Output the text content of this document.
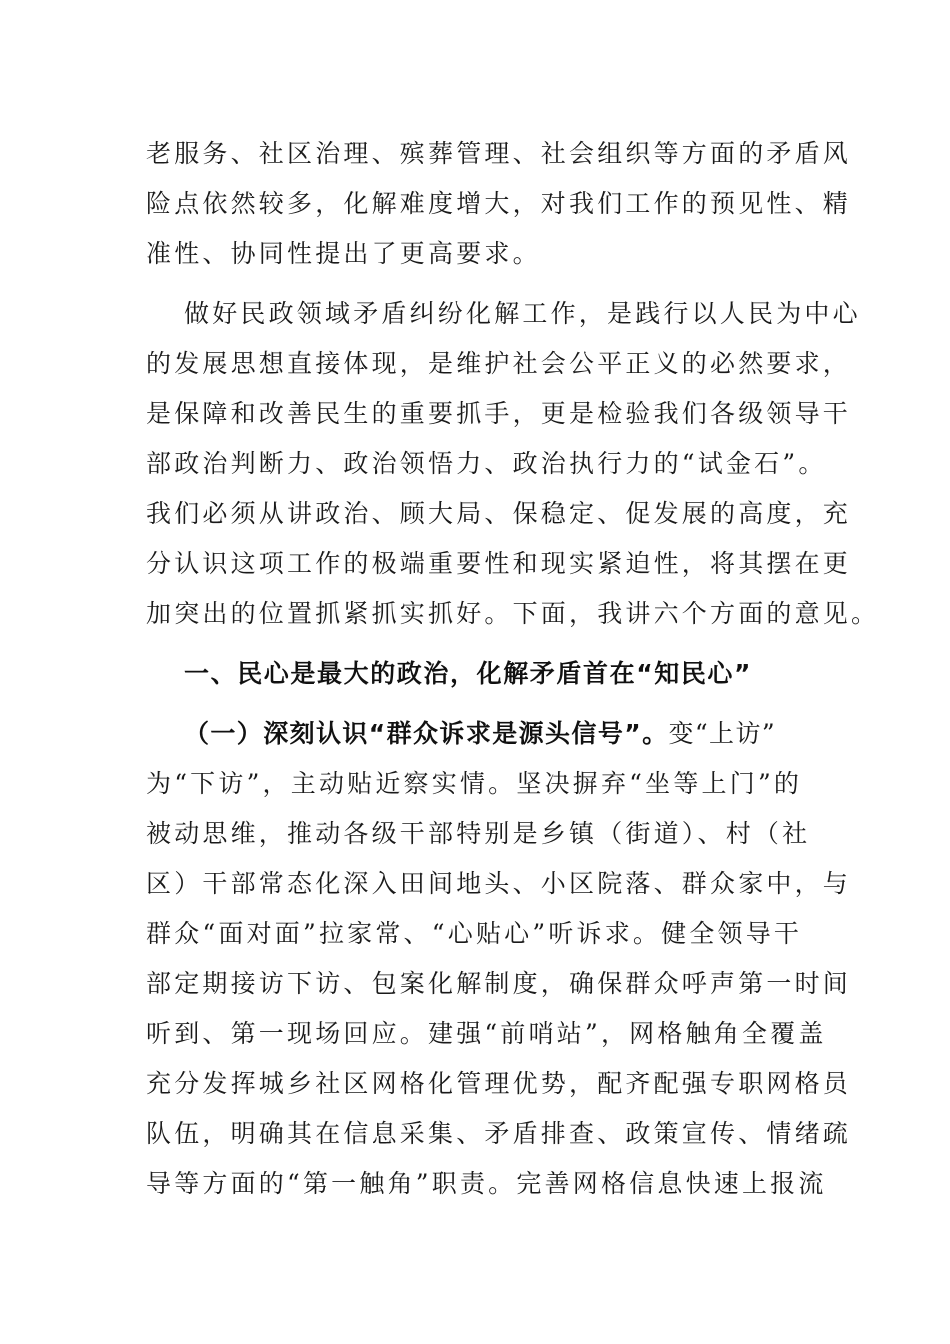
老服务、社区治理、殡葬管理、社会组织等方面的矛盾风
险点依然较多，化解难度增大，对我们工作的预见性、精
准性、协同性提出了更高要求。
做好民政领域矛盾纠纷化解工作，是践行以人民为中心
的发展思想直接体现，是维护社会公平正义的必然要求，
是保障和改善民生的重要抓手，更是检验我们各级领导干
部政治判断力、政治领悟力、政治执行力的“试金石”。
我们必须从讲政治、顾大局、保稳定、促发展的高度，充
分认识这项工作的极端重要性和现实紧迫性，将其摆在更
加突出的位置抓紧抓实抓好。下面，我讲六个方面的意见。
一、民心是最大的政治，化解矛盾首在“知民心”
（一）深刻认识“群众诉求是源头信号”。变“上访”
为“下访”，主动贴近察实情。坚决摒弃“坐等上门”的
被动思维，推动各级干部特别是乡镇（街道）、村（社
区）干部常态化深入田间地头、小区院落、群众家中，与
群众“面对面”拉家常、“心贴心”听诉求。健全领导干
部定期接访下访、包案化解制度，确保群众呼声第一时间
听到、第一现场回应。建强“前哨站”，网格触角全覆盖
充分发挥城乡社区网格化管理优势，配齐配强专职网格员
队伍，明确其在信息采集、矛盾排查、政策宣传、情绪疏
导等方面的“第一触角”职责。完善网格信息快速上报流
